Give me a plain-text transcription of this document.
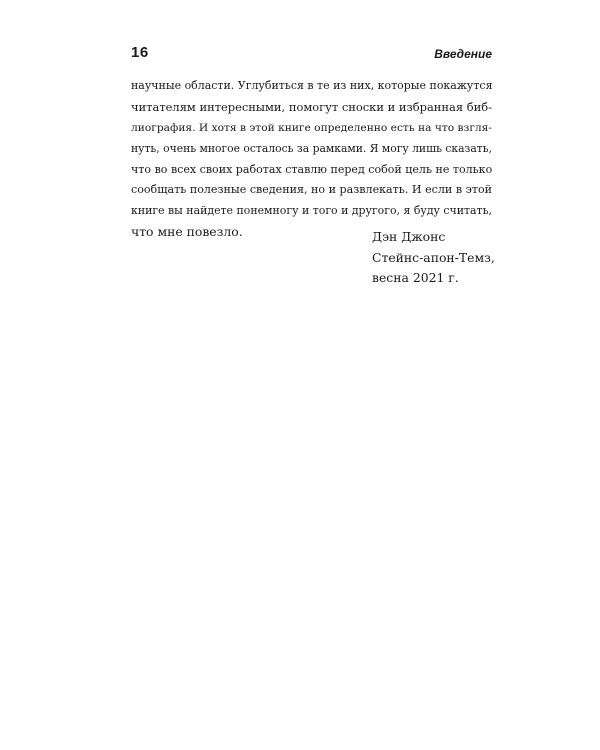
16	Введение
научные области. Углубиться в те из них, которые покажутся
читателям интересными, помогут сноски и избранная биб-
лиография. И хотя в этой книге определенно есть на что взгля-
нуть, очень многое осталось за рамками. Я могу лишь сказать,
что во всех своих работах ставлю перед собой цель не только
сообщать полезные сведения, но и развлекать. И если в этой
книге вы найдете понемногу и того и другого, я буду считать,
что мне повезло.	Дэн Джонс
Стейнс-апон-Темз,
весна 2021 г.
